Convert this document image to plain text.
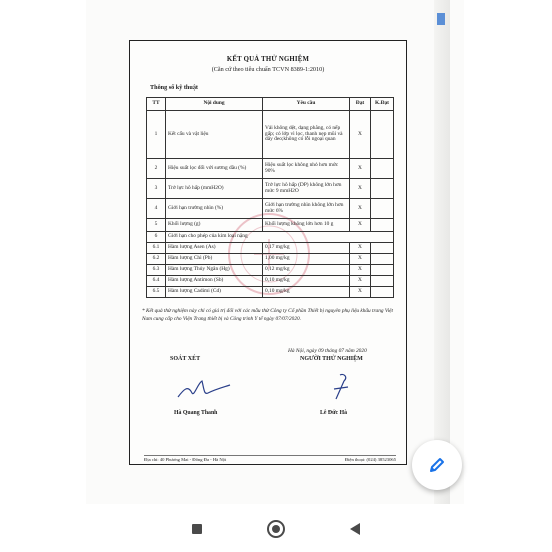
KẾT QUẢ THỬ NGHIỆM
(Căn cứ theo tiêu chuẩn TCVN 8389-1:2010)
Thông số kỹ thuật
TT	Nội dung	Yêu cầu	Đạt	K.Đạt
1	Kết cấu và vật liệu	Vải không dệt, dạng phẳng, có nếp gấp; có lớp vì lọc, thanh nẹp mũi và dây đeo;không có lỗi ngoại quan	X	
2	Hiệu suất lọc đối với sương dầu (%)	Hiệu suất lọc không nhỏ hơn mức 90%	X	
3	Trở lực hô hấp (mmH2O)	Trở lực hô hấp (DP) không lớn hơn mức 9 mmH2O	X	
4	Giới hạn trường nhìn (%)	Giới hạn trường nhìn không lớn hơn mức 6%	X	
5	Khối lượng (g)	Khối lượng không lớn hơn 10 g	X	
6	Giới hạn cho phép của kim loại nặng			
6.1	Hàm lượng Asen (As)	0,17 mg/kg	X	
6.2	Hàm lượng Chì (Pb)	1,00 mg/kg	X	
6.3	Hàm lượng Thủy Ngân (Hg)	0,12 mg/kg	X	
6.4	Hàm lượng Antimon (Sb)	0,10 mg/kg	X	
6.5	Hàm lượng Cadimi (Cd)	0,10 mg/kg	X	
* Kết quả thử nghiệm này chỉ có giá trị đối với các mẫu thử Công ty Cổ phần Thiết bị nguyên phụ liệu khẩu trang Việt Nam cung cấp cho Viện Trang thiết bị và Công trình Y tế ngày 07/07/2020.
Hà Nội, ngày 09 tháng 07 năm 2020
SOÁT XÉT	NGƯỜI THỬ NGHIỆM
Hà Quang Thanh	Lê Đức Hà
Địa chỉ: 40 Phương Mai - Đống Đa - Hà Nội	Điện thoại: (024) 38523065
